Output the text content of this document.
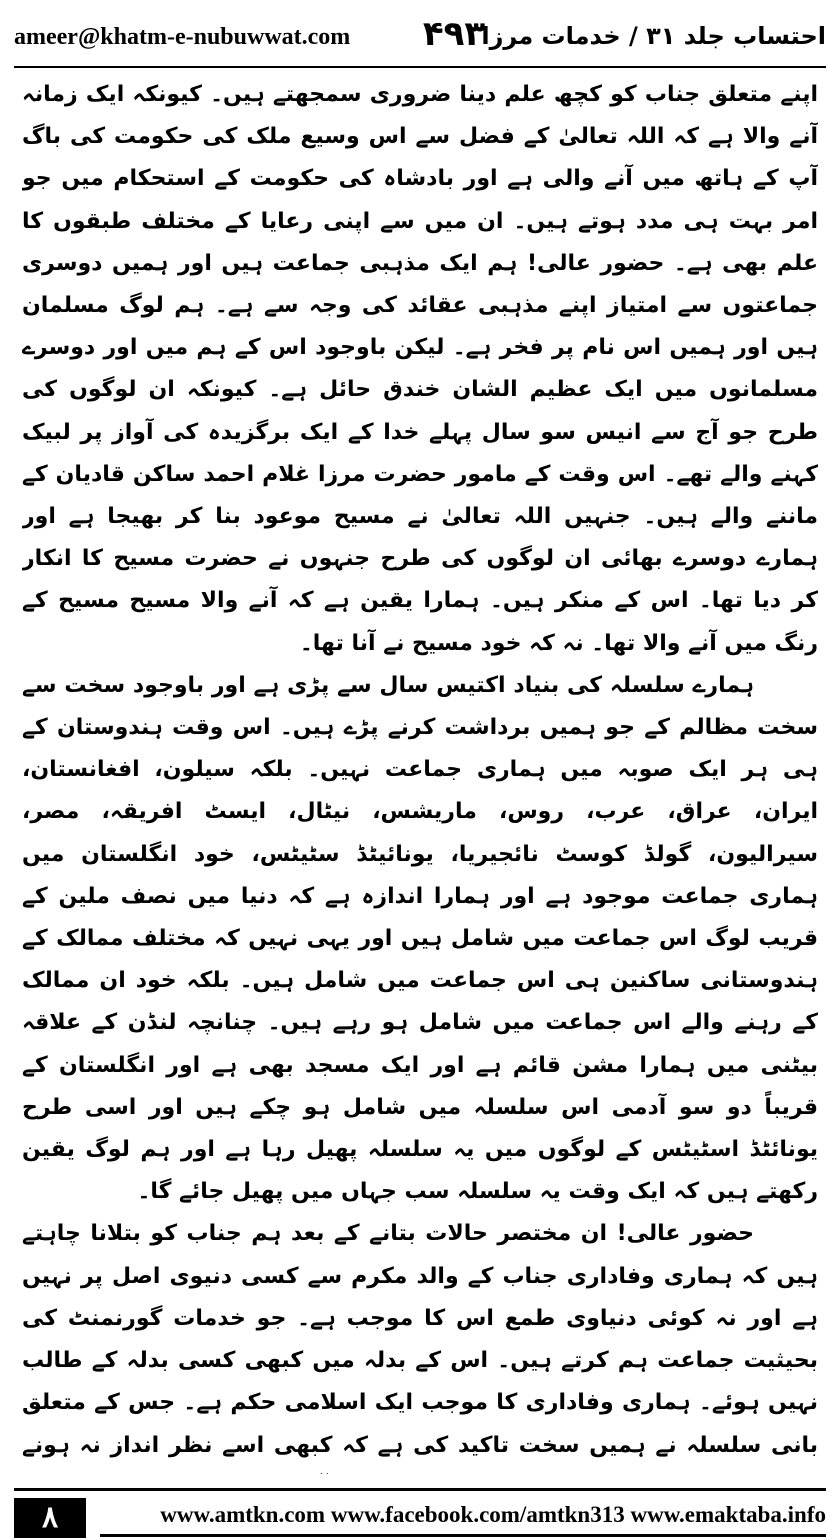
ameer@khatm-e-nubuwwat.com	۴۹۳
احتساب جلد ۳۱ / خدمات مرزا

اپنے متعلق جناب کو کچھ علم دینا ضروری سمجھتے ہیں۔ کیونکہ ایک زمانہ آنے والا ہے کہ اللہ تعالیٰ کے فضل سے اس وسیع ملک کی حکومت کی باگ آپ کے ہاتھ میں آنے والی ہے اور بادشاہ کی حکومت کے استحکام میں جو امر بہت ہی مدد ہوتے ہیں۔ ان میں سے اپنی رعایا کے مختلف طبقوں کا علم بھی ہے۔ حضور عالی! ہم ایک مذہبی جماعت ہیں اور ہمیں دوسری جماعتوں سے امتیاز اپنے مذہبی عقائد کی وجہ سے ہے۔ ہم لوگ مسلمان ہیں اور ہمیں اس نام پر فخر ہے۔ لیکن باوجود اس کے ہم میں اور دوسرے مسلمانوں میں ایک عظیم الشان خندق حائل ہے۔ کیونکہ ان لوگوں کی طرح جو آج سے انیس سو سال پہلے خدا کے ایک برگزیدہ کی آواز پر لبیک کہنے والے تھے۔ اس وقت کے مامور حضرت مرزا غلام احمد ساکن قادیان کے ماننے والے ہیں۔ جنہیں اللہ تعالیٰ نے مسیح موعود بنا کر بھیجا ہے اور ہمارے دوسرے بھائی ان لوگوں کی طرح جنہوں نے حضرت مسیح کا انکار کر دیا تھا۔ اس کے منکر ہیں۔ ہمارا یقین ہے کہ آنے والا مسیح مسیح کے رنگ میں آنے والا تھا۔ نہ کہ خود مسیح نے آنا تھا۔

ہمارے سلسلہ کی بنیاد اکتیس سال سے پڑی ہے اور باوجود سخت سے سخت مظالم کے جو ہمیں برداشت کرنے پڑے ہیں۔ اس وقت ہندوستان کے ہی ہر ایک صوبہ میں ہماری جماعت نہیں۔ بلکہ سیلون، افغانستان، ایران، عراق، عرب، روس، ماریشس، نیٹال، ایسٹ افریقہ، مصر، سیرالیون، گولڈ کوسٹ نائجیریا، یونائیٹڈ سٹیٹس، خود انگلستان میں ہماری جماعت موجود ہے اور ہمارا اندازہ ہے کہ دنیا میں نصف ملین کے قریب لوگ اس جماعت میں شامل ہیں اور یہی نہیں کہ مختلف ممالک کے ہندوستانی ساکنین ہی اس جماعت میں شامل ہیں۔ بلکہ خود ان ممالک کے رہنے والے اس جماعت میں شامل ہو رہے ہیں۔ چنانچہ لنڈن کے علاقہ بیٹنی میں ہمارا مشن قائم ہے اور ایک مسجد بھی ہے اور انگلستان کے قریباً دو سو آدمی اس سلسلہ میں شامل ہو چکے ہیں اور اسی طرح یونائٹڈ اسٹیٹس کے لوگوں میں یہ سلسلہ پھیل رہا ہے اور ہم لوگ یقین رکھتے ہیں کہ ایک وقت یہ سلسلہ سب جہاں میں پھیل جائے گا۔

حضور عالی! ان مختصر حالات بتانے کے بعد ہم جناب کو بتلانا چاہتے ہیں کہ ہماری وفاداری جناب کے والد مکرم سے کسی دنیوی اصل پر نہیں ہے اور نہ کوئی دنیاوی طمع اس کا موجب ہے۔ جو خدمات گورنمنٹ کی بحیثیت جماعت ہم کرتے ہیں۔ اس کے بدلہ میں کبھی کسی بدلہ کے طالب نہیں ہوئے۔ ہماری وفاداری کا موجب ایک اسلامی حکم ہے۔ جس کے متعلق بانی سلسلہ نے ہمیں سخت تاکید کی ہے کہ کبھی اسے نظر انداز نہ ہونے

۸	www.amtkn.com www.facebook.com/amtkn313 www.emaktaba.info
